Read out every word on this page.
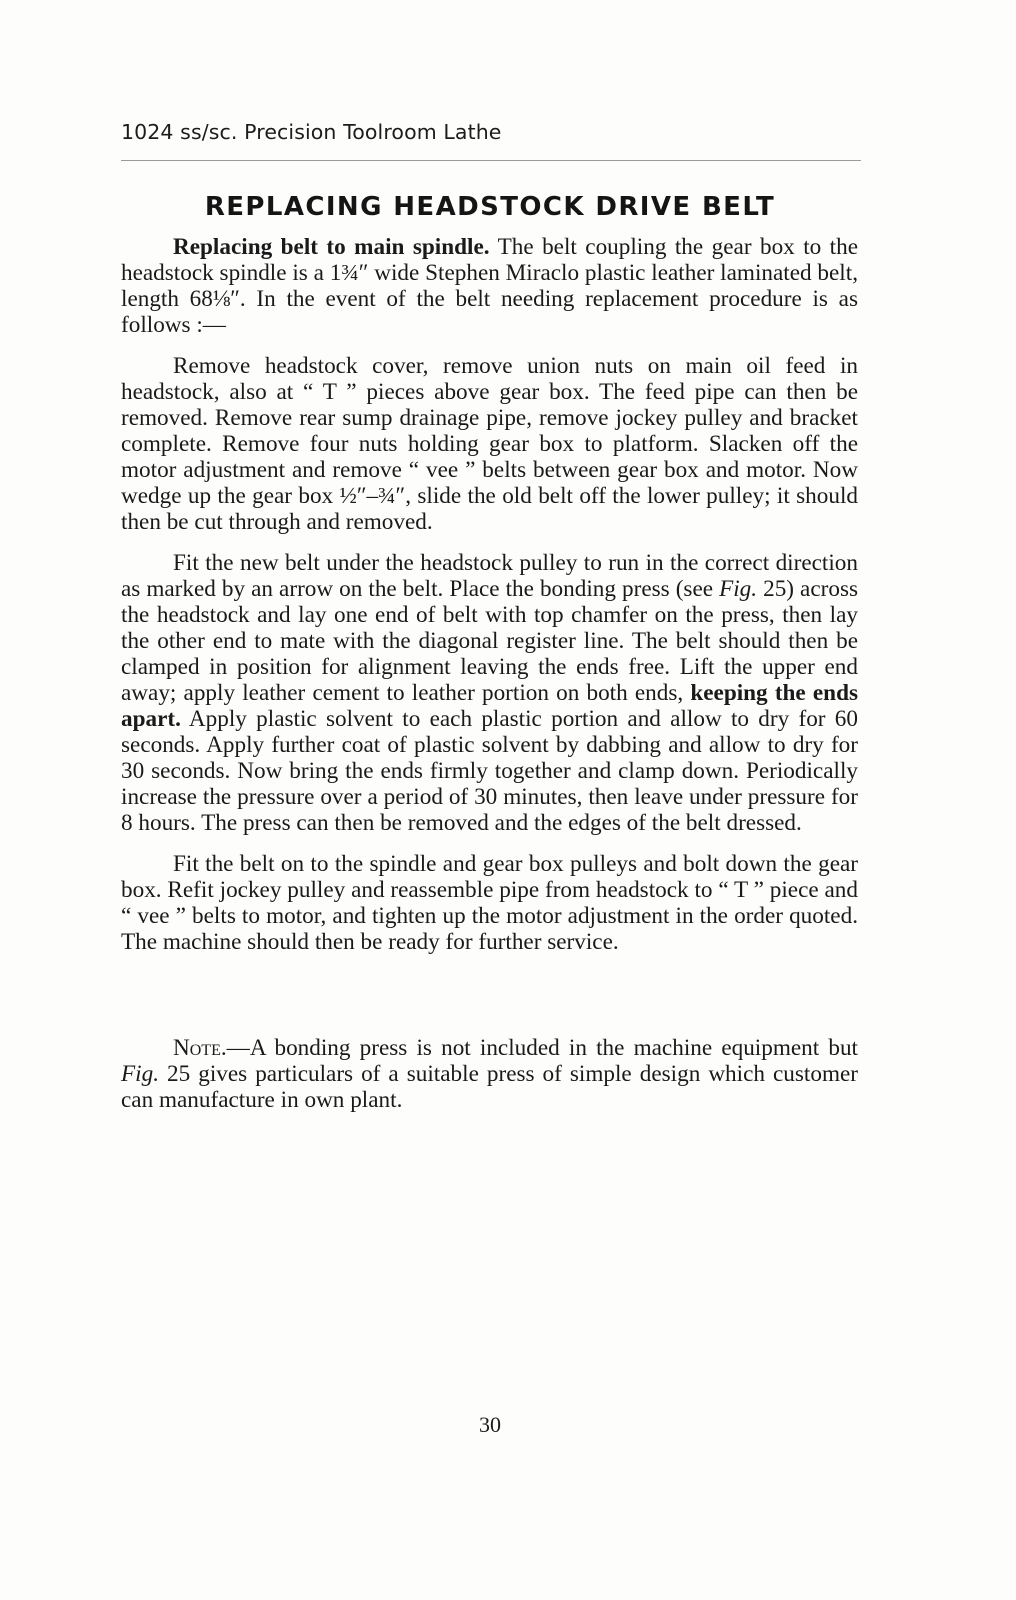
1024 ss/sc. Precision Toolroom Lathe
REPLACING HEADSTOCK DRIVE BELT

Replacing belt to main spindle. The belt coupling the gear box to the headstock spindle is a 1¾″ wide Stephen Miraclo plastic leather laminated belt, length 68⅛″. In the event of the belt needing replacement procedure is as follows :—

Remove headstock cover, remove union nuts on main oil feed in headstock, also at “ T ” pieces above gear box. The feed pipe can then be removed. Remove rear sump drainage pipe, remove jockey pulley and bracket complete. Remove four nuts holding gear box to platform. Slacken off the motor adjustment and remove “ vee ” belts between gear box and motor. Now wedge up the gear box ½″–¾″, slide the old belt off the lower pulley; it should then be cut through and removed.

Fit the new belt under the headstock pulley to run in the correct direction as marked by an arrow on the belt. Place the bonding press (see Fig. 25) across the headstock and lay one end of belt with top chamfer on the press, then lay the other end to mate with the diagonal register line. The belt should then be clamped in position for alignment leaving the ends free. Lift the upper end away; apply leather cement to leather portion on both ends, keeping the ends apart. Apply plastic solvent to each plastic portion and allow to dry for 60 seconds. Apply further coat of plastic solvent by dabbing and allow to dry for 30 seconds. Now bring the ends firmly together and clamp down. Periodically increase the pressure over a period of 30 minutes, then leave under pressure for 8 hours. The press can then be removed and the edges of the belt dressed.

Fit the belt on to the spindle and gear box pulleys and bolt down the gear box. Refit jockey pulley and reassemble pipe from headstock to “ T ” piece and “ vee ” belts to motor, and tighten up the motor adjustment in the order quoted. The machine should then be ready for further service.

Note.—A bonding press is not included in the machine equipment but Fig. 25 gives particulars of a suitable press of simple design which customer can manufacture in own plant.

30
